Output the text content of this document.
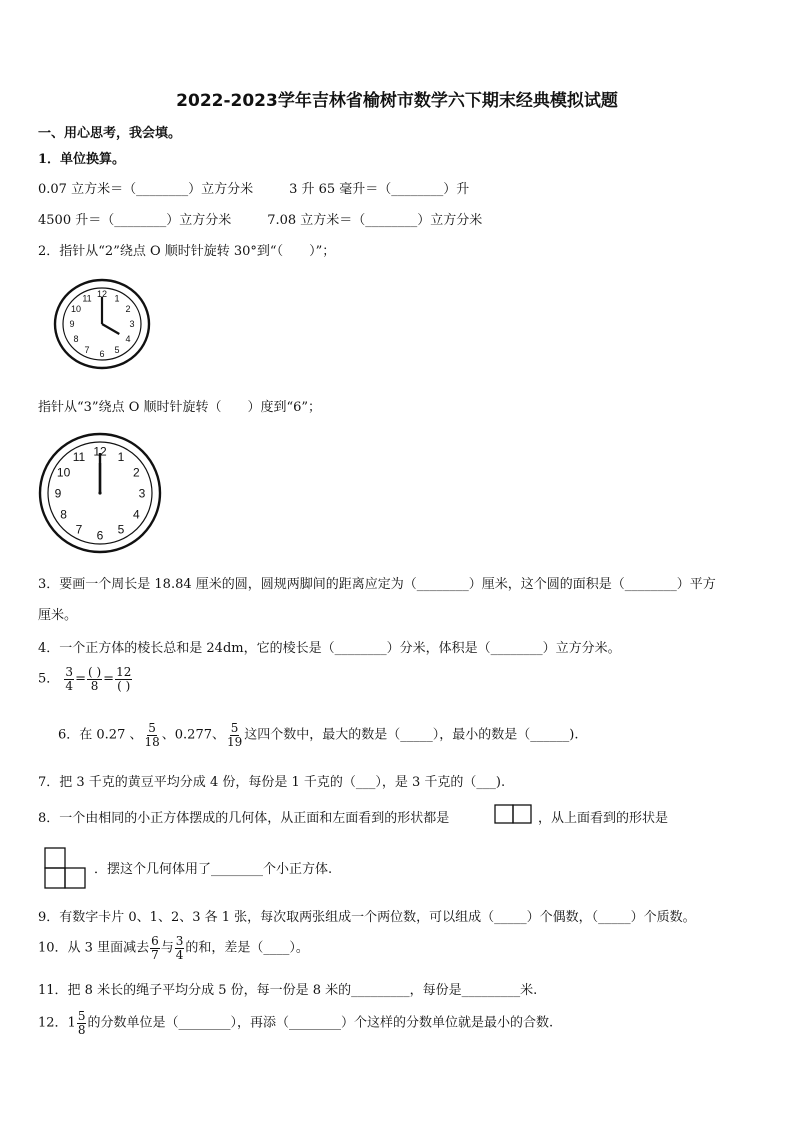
2022-2023学年吉林省榆树市数学六下期末经典模拟试题
一、用心思考，我会填。
1．单位换算。
0.07 立方米＝（________）立方分米	3 升 65 毫升＝（________）升
4500 升＝（________）立方分米	7.08 立方米＝（________）立方分米
2．指针从“2”绕点 O 顺时针旋转 30°到“（　　）”；
12 1
2
3
4
5
6
7
8
9
10
11
指针从“3”绕点 O 顺时针旋转（　　）度到“6”；
12 1
2
3
4
5
6
7
8
9
10
11
3．要画一个周长是 18.84 厘米的圆，圆规两脚间的距离应定为（________）厘米，这个圆的面积是（________）平方
厘米。
4．一个正方体的棱长总和是 24dm，它的棱长是（________）分米，体积是（________）立方分米。
5． $\frac{3}{4} = \frac{( )}{8} = \frac{12}{( )}$
6．在 0.27 、 $\frac{5}{18}$ 、0.277、 $\frac{5}{19}$ 这四个数中，最大的数是（_____），最小的数是（______).
7．把 3 千克的黄豆平均分成 4 份，每份是 1 千克的（___），是 3 千克的（___).
8．一个由相同的小正方体摆成的几何体，从正面和左面看到的形状都是	，从上面看到的形状是
．摆这个几何体用了________个小正方体.
9．有数字卡片 0、1、2、3 各 1 张，每次取两张组成一个两位数，可以组成（_____）个偶数，（_____）个质数。
10．从 3 里面减去 $\frac{6}{7}$ 与 $\frac{3}{4}$ 的和，差是（____）。
11．把 8 米长的绳子平均分成 5 份，每一份是 8 米的_________，每份是_________米.
12．$1 \frac{5}{8}$ 的分数单位是（________），再添（________）个这样的分数单位就是最小的合数.
